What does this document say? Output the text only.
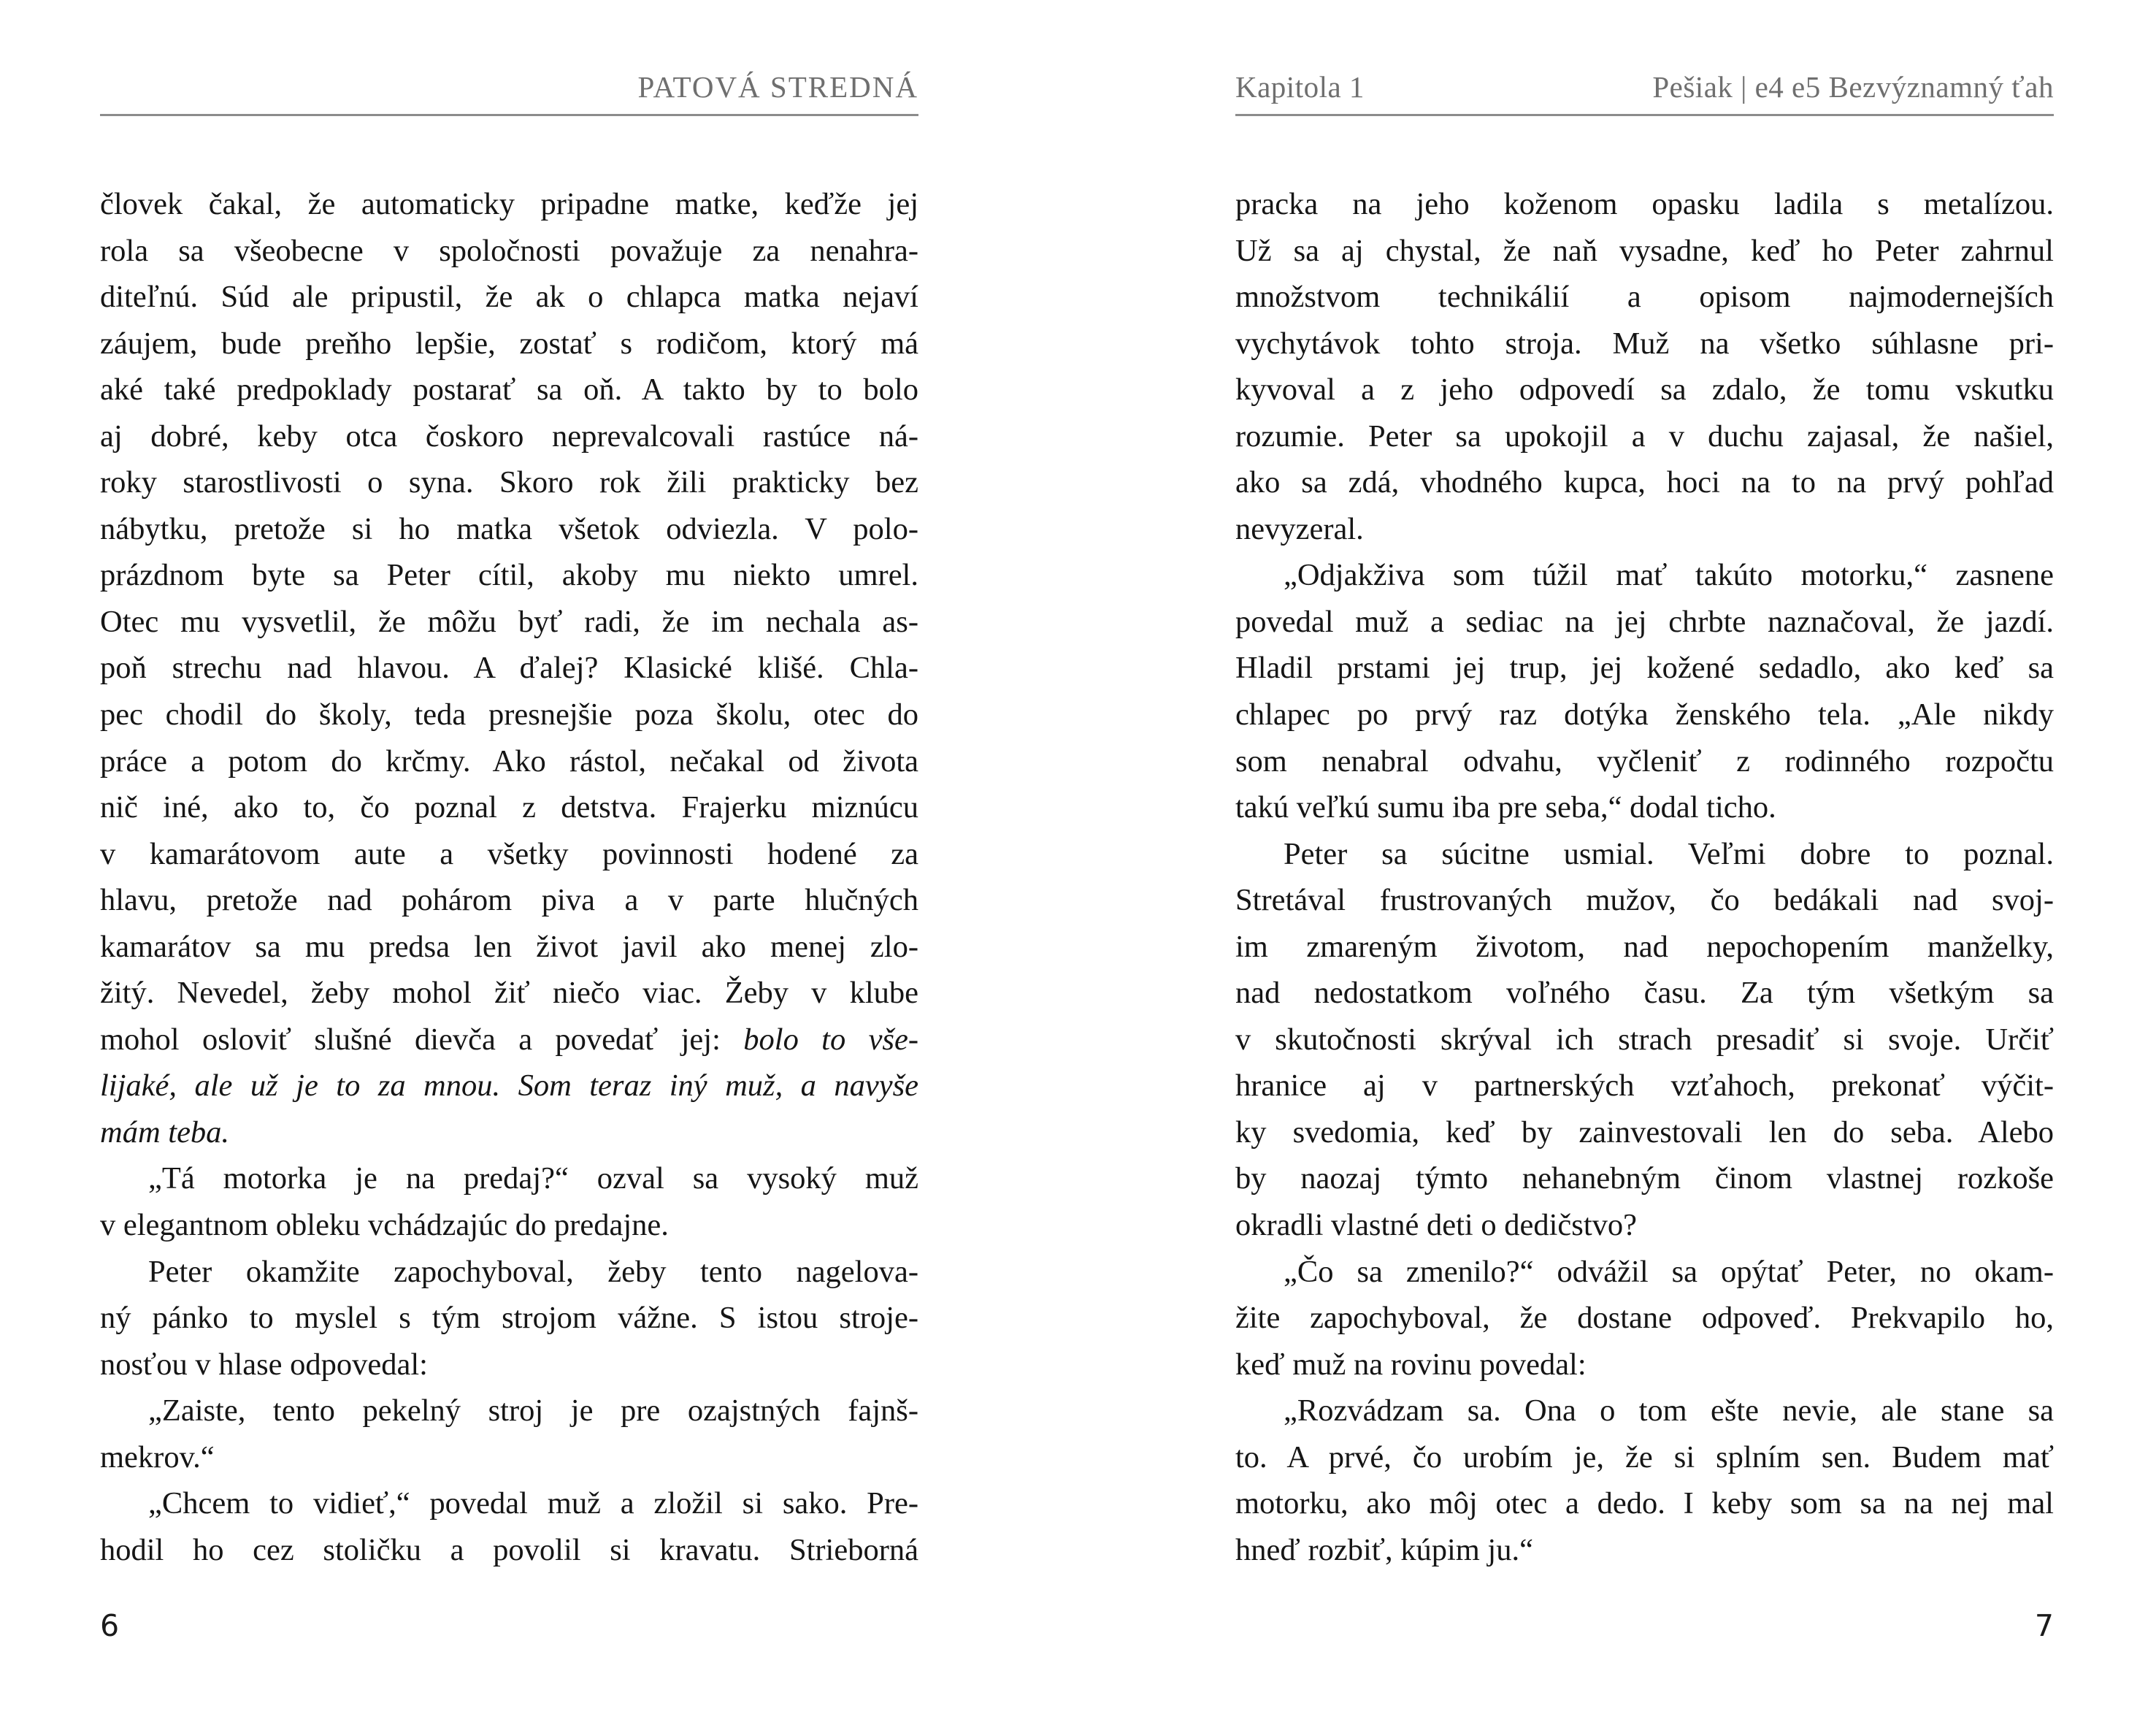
PATOVÁ STREDNÁ
človek čakal, že automaticky pripadne matke, keďže jej
rola sa všeobecne v spoločnosti považuje za nenahra-
diteľnú. Súd ale pripustil, že ak o chlapca matka nejaví
záujem, bude preňho lepšie, zostať s rodičom, ktorý má
aké také predpoklady postarať sa oň. A takto by to bolo
aj dobré, keby otca čoskoro neprevalcovali rastúce ná-
roky starostlivosti o syna. Skoro rok žili prakticky bez
nábytku, pretože si ho matka všetok odviezla. V polo-
prázdnom byte sa Peter cítil, akoby mu niekto umrel.
Otec mu vysvetlil, že môžu byť radi, že im nechala as-
poň strechu nad hlavou. A ďalej? Klasické klišé. Chla-
pec chodil do školy, teda presnejšie poza školu, otec do
práce a potom do krčmy. Ako rástol, nečakal od života
nič iné, ako to, čo poznal z detstva. Frajerku miznúcu
v kamarátovom aute a všetky povinnosti hodené za
hlavu, pretože nad pohárom piva a v parte hlučných
kamarátov sa mu predsa len život javil ako menej zlo-
žitý. Nevedel, žeby mohol žiť niečo viac. Žeby v klube
mohol osloviť slušné dievča a povedať jej: bolo to vše-
lijaké, ale už je to za mnou. Som teraz iný muž, a navyše
mám teba.
„Tá motorka je na predaj?“ ozval sa vysoký muž
v elegantnom obleku vchádzajúc do predajne.
Peter okamžite zapochyboval, žeby tento nagelova-
ný pánko to myslel s tým strojom vážne. S istou stroje-
nosťou v hlase odpovedal:
„Zaiste, tento pekelný stroj je pre ozajstných fajnš-
mekrov.“
„Chcem to vidieť,“ povedal muž a zložil si sako. Pre-
hodil ho cez stoličku a povolil si kravatu. Strieborná
6
Kapitola 1	Pešiak | e4 e5 Bezvýznamný ťah
pracka na jeho koženom opasku ladila s metalízou.
Už sa aj chystal, že naň vysadne, keď ho Peter zahrnul
množstvom technikálií a opisom najmodernejších
vychytávok tohto stroja. Muž na všetko súhlasne pri-
kyvoval a z jeho odpovedí sa zdalo, že tomu vskutku
rozumie. Peter sa upokojil a v duchu zajasal, že našiel,
ako sa zdá, vhodného kupca, hoci na to na prvý pohľad
nevyzeral.
„Odjakživa som túžil mať takúto motorku,“ zasnene
povedal muž a sediac na jej chrbte naznačoval, že jazdí.
Hladil prstami jej trup, jej kožené sedadlo, ako keď sa
chlapec po prvý raz dotýka ženského tela. „Ale nikdy
som nenabral odvahu, vyčleniť z rodinného rozpočtu
takú veľkú sumu iba pre seba,“ dodal ticho.
Peter sa súcitne usmial. Veľmi dobre to poznal.
Stretával frustrovaných mužov, čo bedákali nad svoj-
im zmareným životom, nad nepochopením manželky,
nad nedostatkom voľného času. Za tým všetkým sa
v skutočnosti skrýval ich strach presadiť si svoje. Určiť
hranice aj v partnerských vzťahoch, prekonať výčit-
ky svedomia, keď by zainvestovali len do seba. Alebo
by naozaj týmto nehanebným činom vlastnej rozkoše
okradli vlastné deti o dedičstvo?
„Čo sa zmenilo?“ odvážil sa opýtať Peter, no okam-
žite zapochyboval, že dostane odpoveď. Prekvapilo ho,
keď muž na rovinu povedal:
„Rozvádzam sa. Ona o tom ešte nevie, ale stane sa
to. A prvé, čo urobím je, že si splním sen. Budem mať
motorku, ako môj otec a dedo. I keby som sa na nej mal
hneď rozbiť, kúpim ju.“
7
